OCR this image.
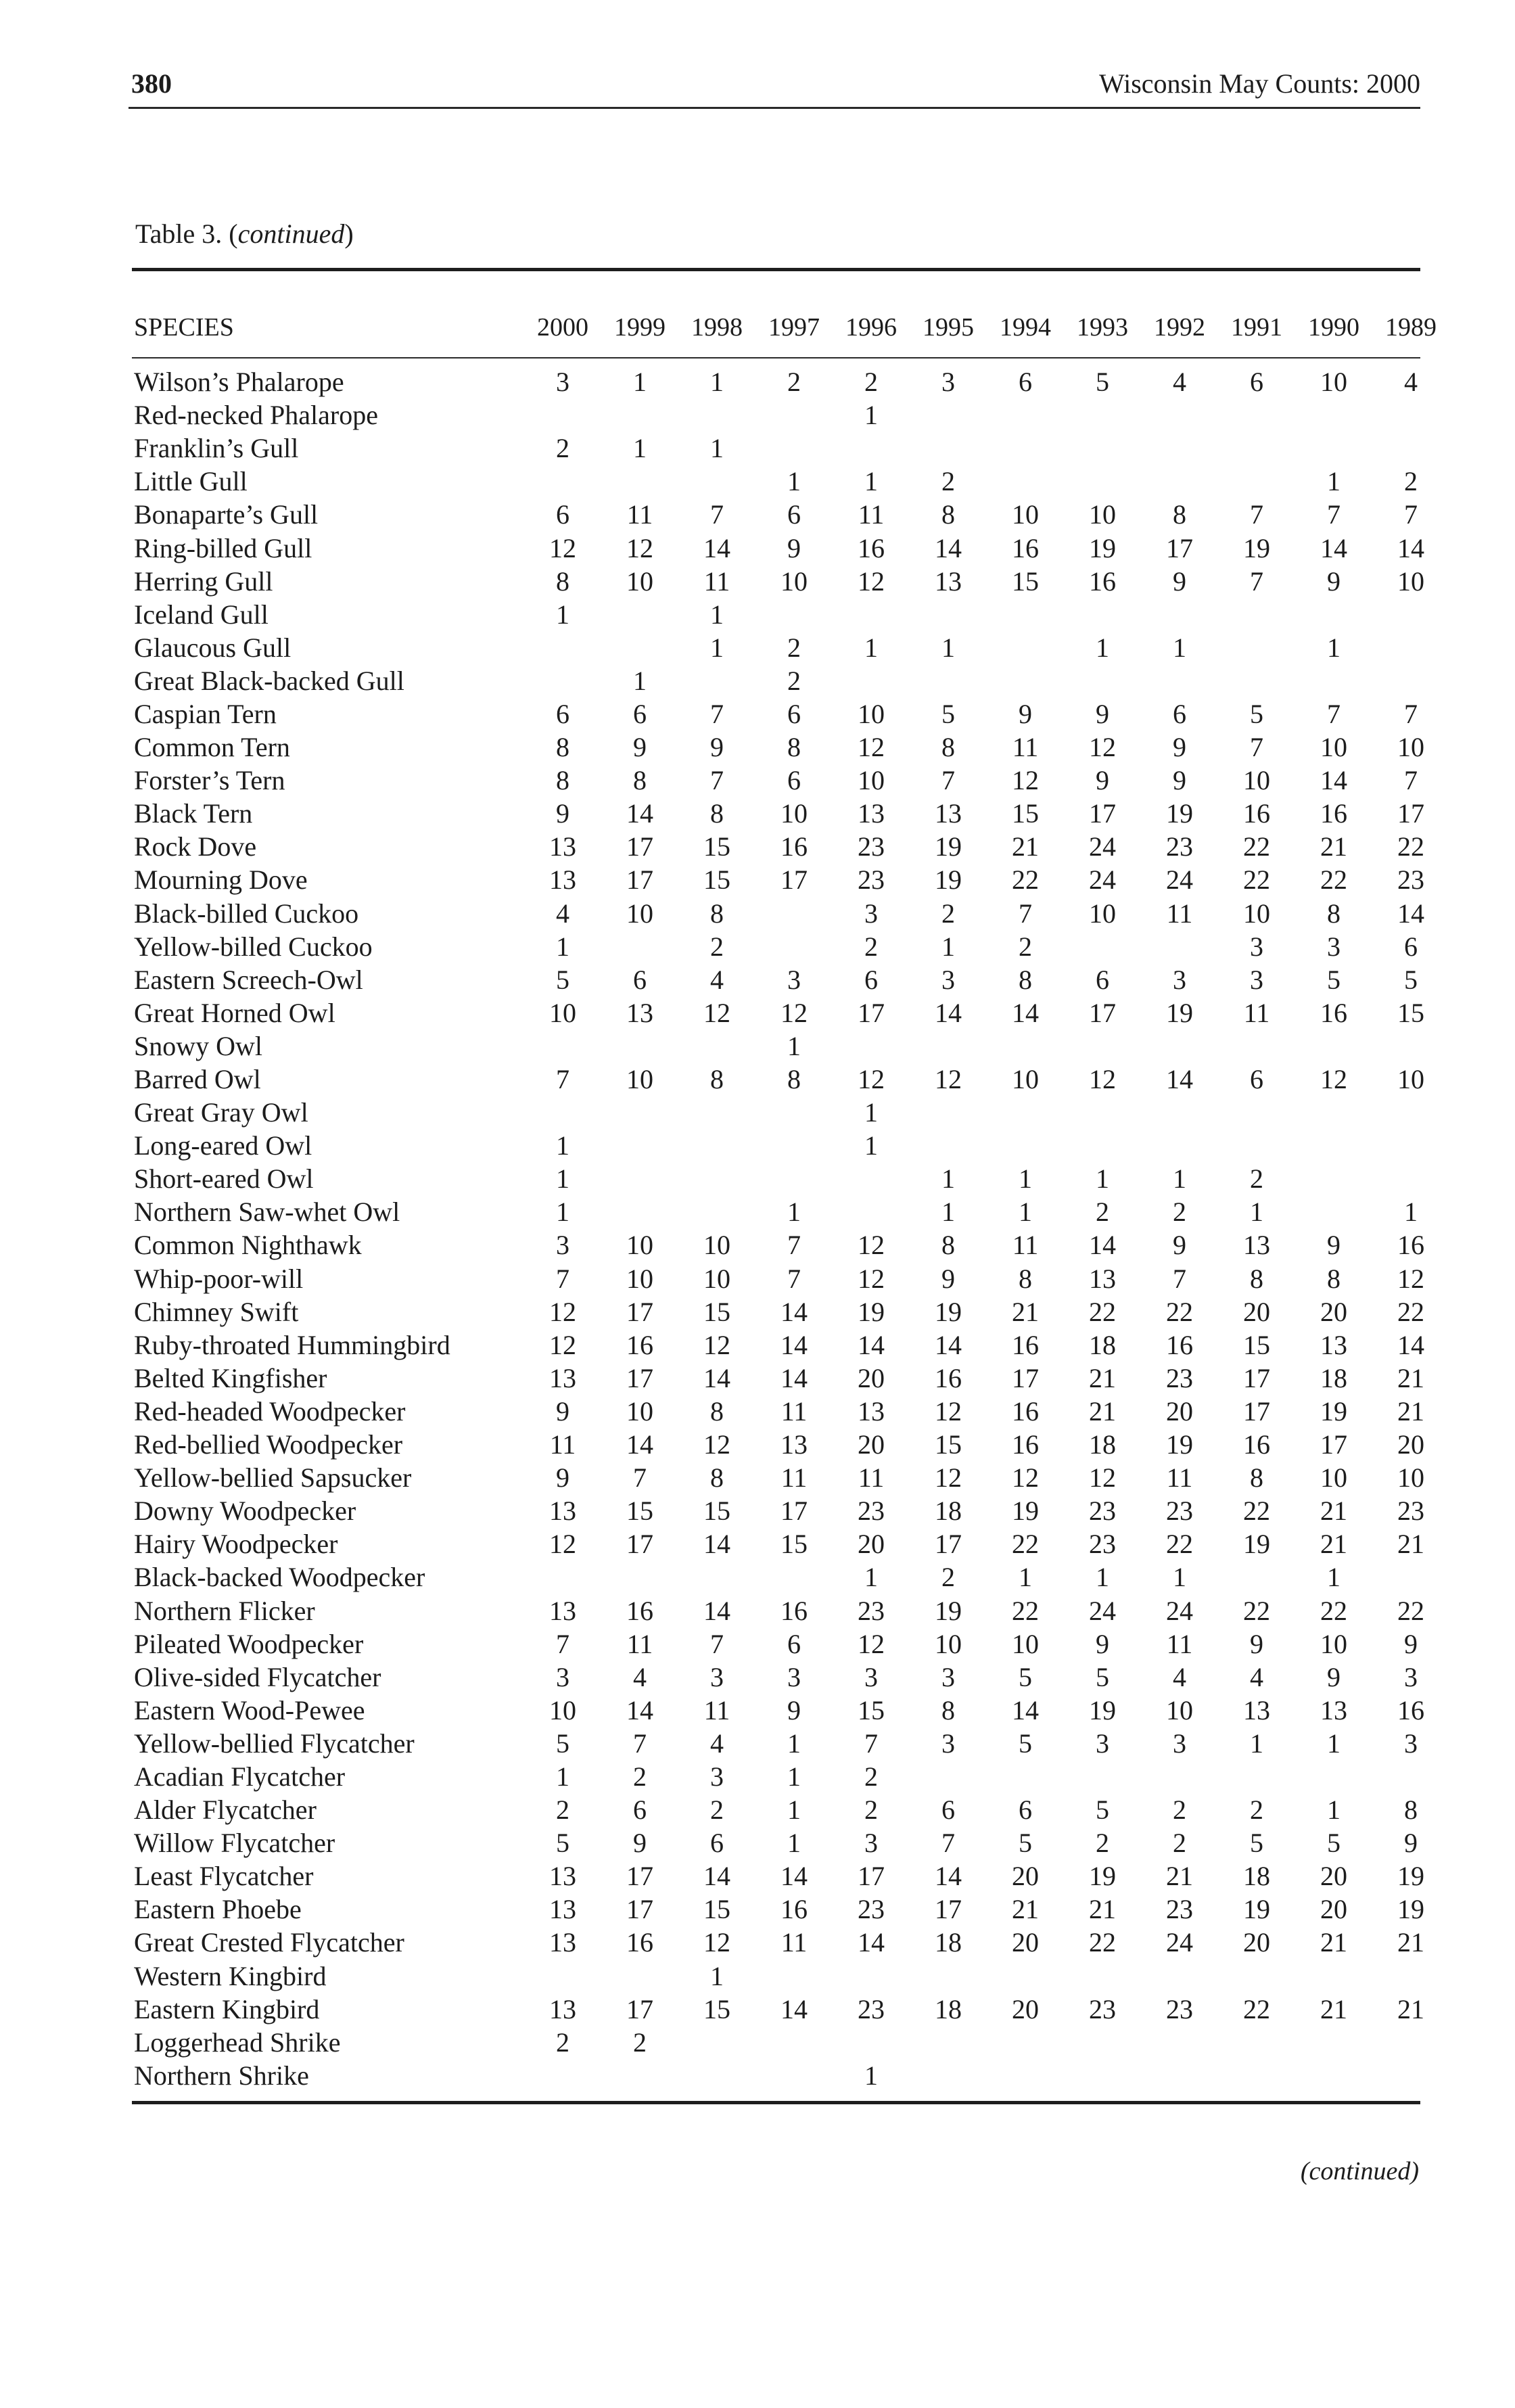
380	Wisconsin May Counts: 2000
Table 3. (continued)
SPECIES	2000	1999	1998	1997	1996	1995	1994	1993	1992	1991	1990	1989
Wilson’s Phalarope	3	1	1	2	2	3	6	5	4	6	10	4
Red-necked Phalarope					1							
Franklin’s Gull	2	1	1									
Little Gull				1	1	2					1	2
Bonaparte’s Gull	6	11	7	6	11	8	10	10	8	7	7	7
Ring-billed Gull	12	12	14	9	16	14	16	19	17	19	14	14
Herring Gull	8	10	11	10	12	13	15	16	9	7	9	10
Iceland Gull	1		1									
Glaucous Gull			1	2	1	1		1	1		1	
Great Black-backed Gull		1		2								
Caspian Tern	6	6	7	6	10	5	9	9	6	5	7	7
Common Tern	8	9	9	8	12	8	11	12	9	7	10	10
Forster’s Tern	8	8	7	6	10	7	12	9	9	10	14	7
Black Tern	9	14	8	10	13	13	15	17	19	16	16	17
Rock Dove	13	17	15	16	23	19	21	24	23	22	21	22
Mourning Dove	13	17	15	17	23	19	22	24	24	22	22	23
Black-billed Cuckoo	4	10	8		3	2	7	10	11	10	8	14
Yellow-billed Cuckoo	1		2		2	1	2			3	3	6
Eastern Screech-Owl	5	6	4	3	6	3	8	6	3	3	5	5
Great Horned Owl	10	13	12	12	17	14	14	17	19	11	16	15
Snowy Owl				1								
Barred Owl	7	10	8	8	12	12	10	12	14	6	12	10
Great Gray Owl					1							
Long-eared Owl	1				1							
Short-eared Owl	1					1	1	1	1	2		
Northern Saw-whet Owl	1			1		1	1	2	2	1		1
Common Nighthawk	3	10	10	7	12	8	11	14	9	13	9	16
Whip-poor-will	7	10	10	7	12	9	8	13	7	8	8	12
Chimney Swift	12	17	15	14	19	19	21	22	22	20	20	22
Ruby-throated Hummingbird	12	16	12	14	14	14	16	18	16	15	13	14
Belted Kingfisher	13	17	14	14	20	16	17	21	23	17	18	21
Red-headed Woodpecker	9	10	8	11	13	12	16	21	20	17	19	21
Red-bellied Woodpecker	11	14	12	13	20	15	16	18	19	16	17	20
Yellow-bellied Sapsucker	9	7	8	11	11	12	12	12	11	8	10	10
Downy Woodpecker	13	15	15	17	23	18	19	23	23	22	21	23
Hairy Woodpecker	12	17	14	15	20	17	22	23	22	19	21	21
Black-backed Woodpecker					1	2	1	1	1		1	
Northern Flicker	13	16	14	16	23	19	22	24	24	22	22	22
Pileated Woodpecker	7	11	7	6	12	10	10	9	11	9	10	9
Olive-sided Flycatcher	3	4	3	3	3	3	5	5	4	4	9	3
Eastern Wood-Pewee	10	14	11	9	15	8	14	19	10	13	13	16
Yellow-bellied Flycatcher	5	7	4	1	7	3	5	3	3	1	1	3
Acadian Flycatcher	1	2	3	1	2							
Alder Flycatcher	2	6	2	1	2	6	6	5	2	2	1	8
Willow Flycatcher	5	9	6	1	3	7	5	2	2	5	5	9
Least Flycatcher	13	17	14	14	17	14	20	19	21	18	20	19
Eastern Phoebe	13	17	15	16	23	17	21	21	23	19	20	19
Great Crested Flycatcher	13	16	12	11	14	18	20	22	24	20	21	21
Western Kingbird			1									
Eastern Kingbird	13	17	15	14	23	18	20	23	23	22	21	21
Loggerhead Shrike	2	2										
Northern Shrike					1							
(continued)
